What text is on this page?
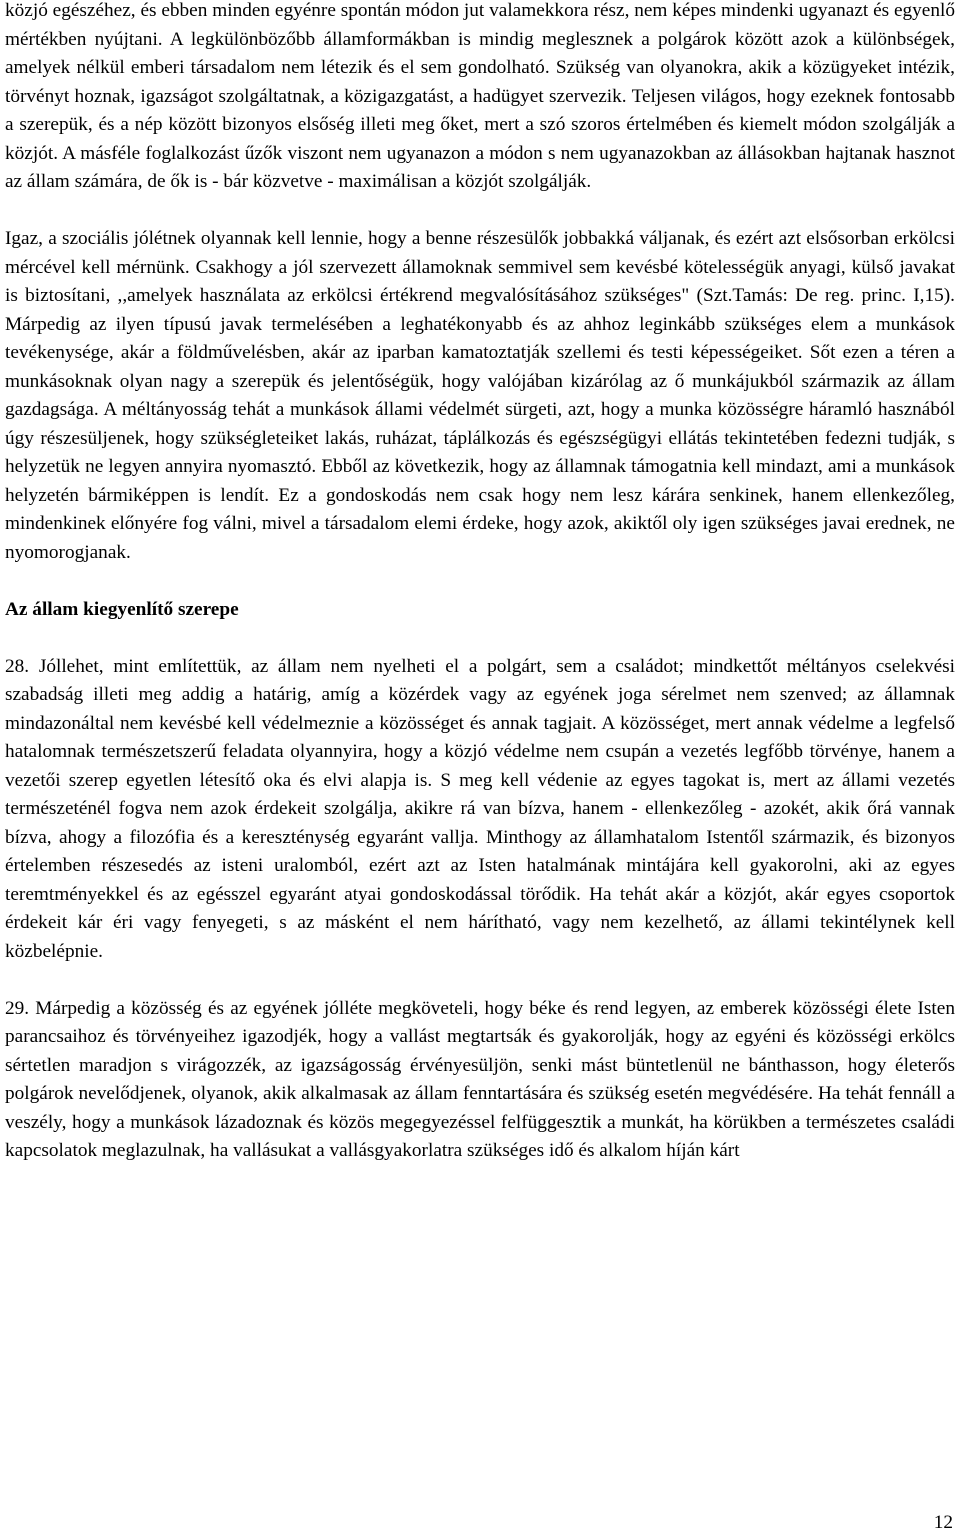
közjó egészéhez, és ebben minden egyénre spontán módon jut valamekkora rész, nem képes mindenki ugyanazt és egyenlő mértékben nyújtani. A legkülönbözőbb államformákban is mindig meglesznek a polgárok között azok a különbségek, amelyek nélkül emberi társadalom nem létezik és el sem gondolható. Szükség van olyanokra, akik a közügyeket intézik, törvényt hoznak, igazságot szolgáltatnak, a közigazgatást, a hadügyet szervezik. Teljesen világos, hogy ezeknek fontosabb a szerepük, és a nép között bizonyos elsőség illeti meg őket, mert a szó szoros értelmében és kiemelt módon szolgálják a közjót. A másféle foglalkozást űzők viszont nem ugyanazon a módon s nem ugyanazokban az állásokban hajtanak hasznot az állam számára, de ők is - bár közvetve - maximálisan a közjót szolgálják.

Igaz, a szociális jólétnek olyannak kell lennie, hogy a benne részesülők jobbakká váljanak, és ezért azt elsősorban erkölcsi mércével kell mérnünk. Csakhogy a jól szervezett államoknak semmivel sem kevésbé kötelességük anyagi, külső javakat is biztosítani, ,,amelyek használata az erkölcsi értékrend megvalósításához szükséges" (Szt.Tamás: De reg. princ. I,15). Márpedig az ilyen típusú javak termelésében a leghatékonyabb és az ahhoz leginkább szükséges elem a munkások tevékenysége, akár a földművelésben, akár az iparban kamatoztatják szellemi és testi képességeiket. Sőt ezen a téren a munkásoknak olyan nagy a szerepük és jelentőségük, hogy valójában kizárólag az ő munkájukból származik az állam gazdagsága. A méltányosság tehát a munkások állami védelmét sürgeti, azt, hogy a munka közösségre háramló hasznából úgy részesüljenek, hogy szükségleteiket lakás, ruházat, táplálkozás és egészségügyi ellátás tekintetében fedezni tudják, s helyzetük ne legyen annyira nyomasztó. Ebből az következik, hogy az államnak támogatnia kell mindazt, ami a munkások helyzetén bármiképpen is lendít. Ez a gondoskodás nem csak hogy nem lesz kárára senkinek, hanem ellenkezőleg, mindenkinek előnyére fog válni, mivel a társadalom elemi érdeke, hogy azok, akiktől oly igen szükséges javai erednek, ne nyomorogjanak.

Az állam kiegyenlítő szerepe

28. Jóllehet, mint említettük, az állam nem nyelheti el a polgárt, sem a családot; mindkettőt méltányos cselekvési szabadság illeti meg addig a határig, amíg a közérdek vagy az egyének joga sérelmet nem szenved; az államnak mindazonáltal nem kevésbé kell védelmeznie a közösséget és annak tagjait. A közösséget, mert annak védelme a legfelső hatalomnak természetszerű feladata olyannyira, hogy a közjó védelme nem csupán a vezetés legfőbb törvénye, hanem a vezetői szerep egyetlen létesítő oka és elvi alapja is. S meg kell védenie az egyes tagokat is, mert az állami vezetés természeténél fogva nem azok érdekeit szolgálja, akikre rá van bízva, hanem - ellenkezőleg - azokét, akik őrá vannak bízva, ahogy a filozófia és a kereszténység egyaránt vallja. Minthogy az államhatalom Istentől származik, és bizonyos értelemben részesedés az isteni uralomból, ezért azt az Isten hatalmának mintájára kell gyakorolni, aki az egyes teremtményekkel és az egésszel egyaránt atyai gondoskodással törődik. Ha tehát akár a közjót, akár egyes csoportok érdekeit kár éri vagy fenyegeti, s az másként el nem hárítható, vagy nem kezelhető, az állami tekintélynek kell közbelépnie.

29. Márpedig a közösség és az egyének jólléte megköveteli, hogy béke és rend legyen, az emberek közösségi élete Isten parancsaihoz és törvényeihez igazodjék, hogy a vallást megtartsák és gyakorolják, hogy az egyéni és közösségi erkölcs sértetlen maradjon s virágozzék, az igazságosság érvényesüljön, senki mást büntetlenül ne bánthasson, hogy életerős polgárok nevelődjenek, olyanok, akik alkalmasak az állam fenntartására és szükség esetén megvédésére. Ha tehát fennáll a veszély, hogy a munkások lázadoznak és közös megegyezéssel felfüggesztik a munkát, ha körükben a természetes családi kapcsolatok meglazulnak, ha vallásukat a vallásgyakorlatra szükséges idő és alkalom híján kárt

12
